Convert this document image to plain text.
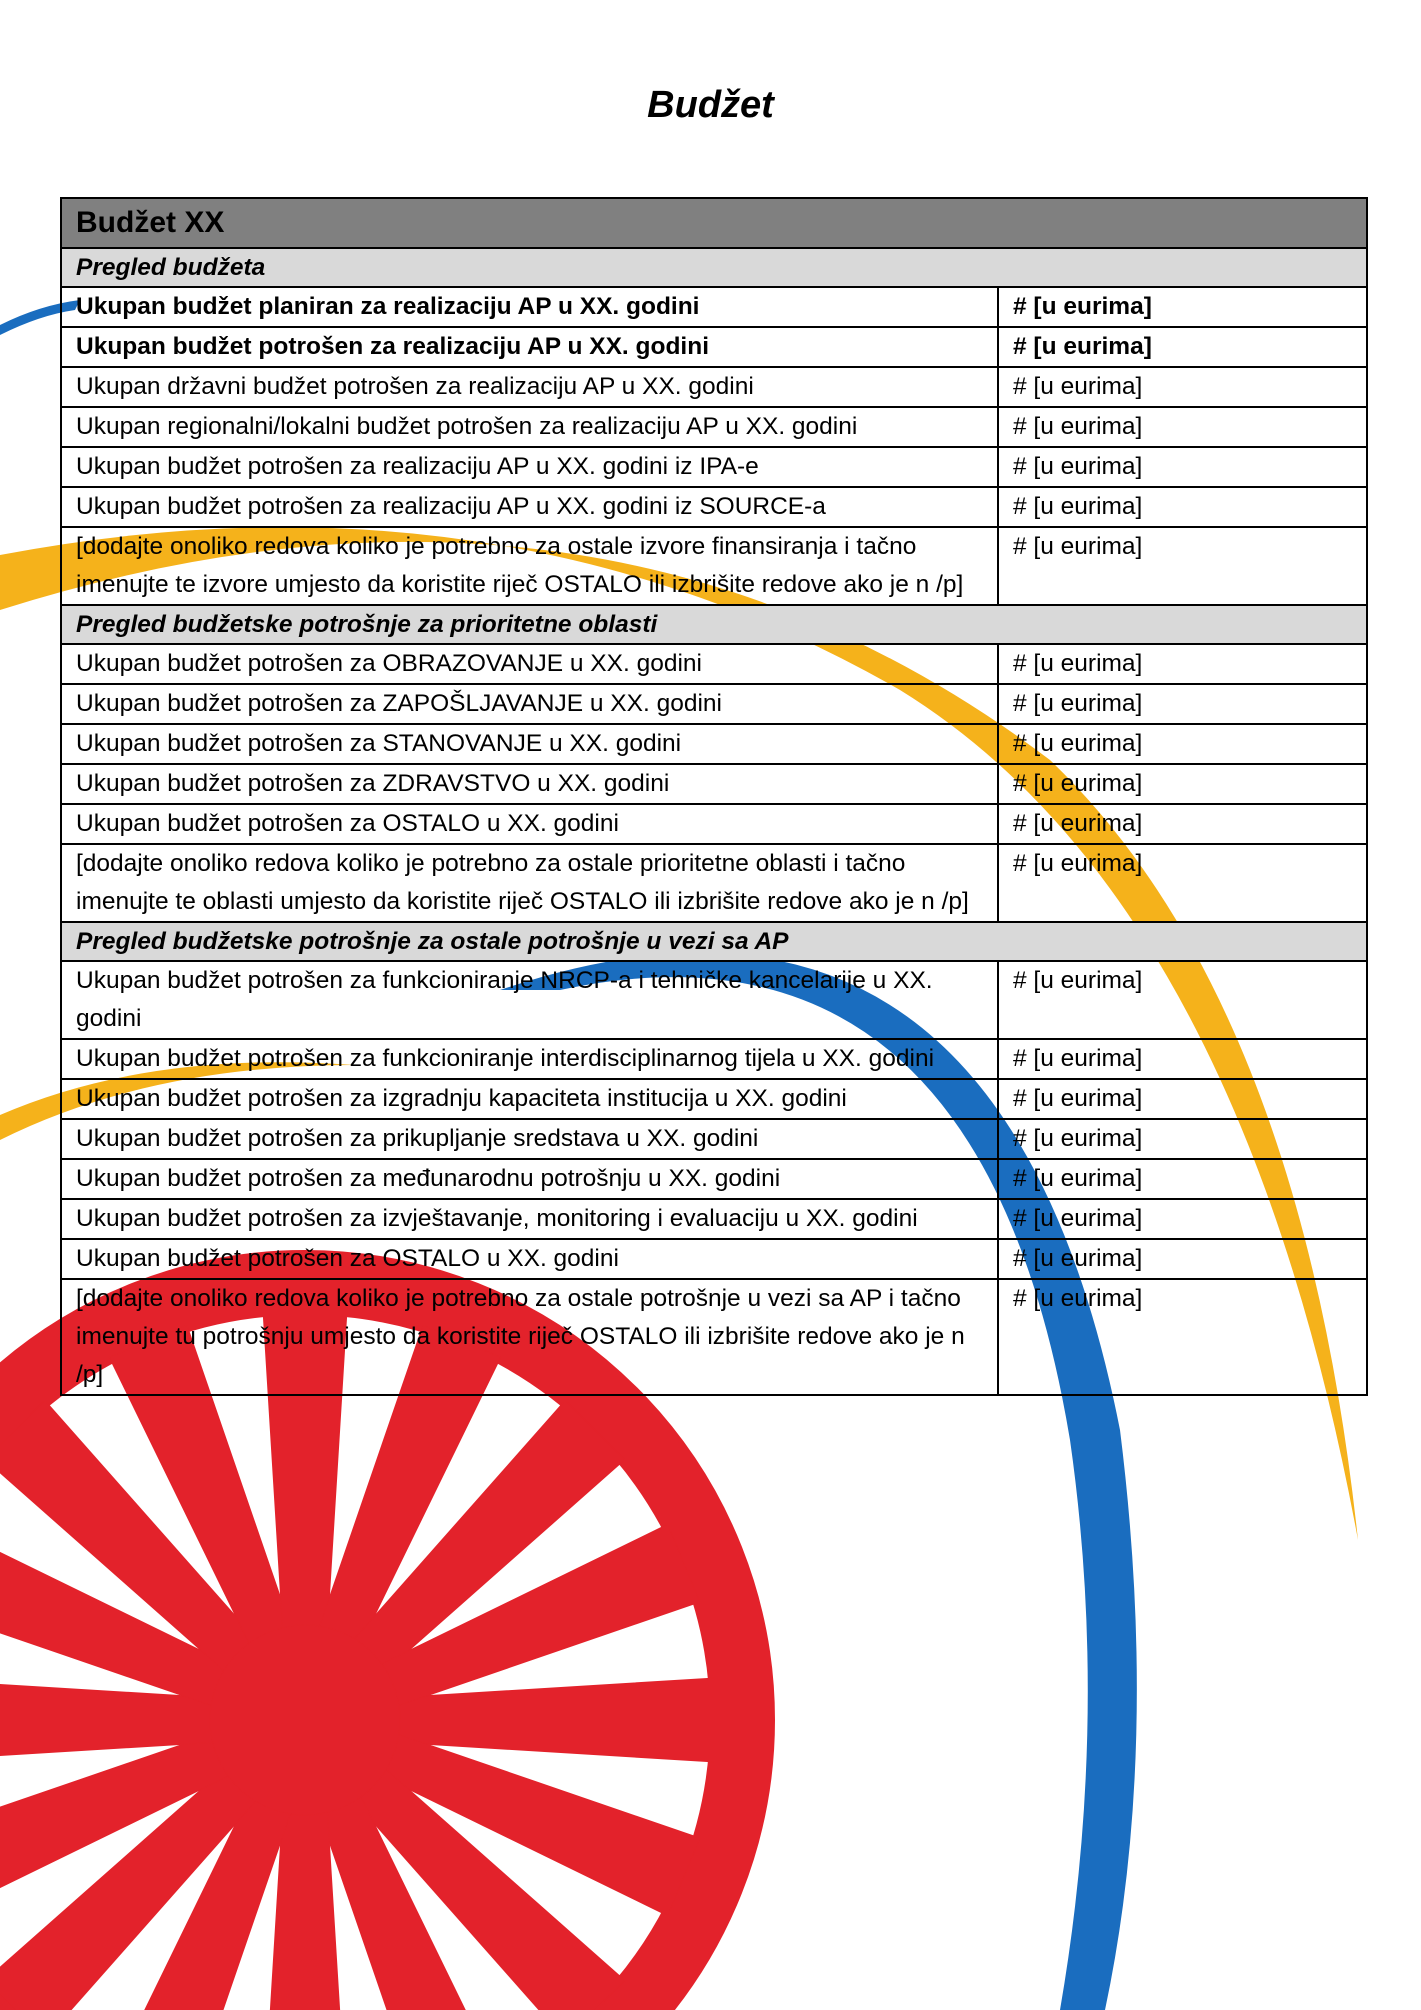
Budžet
Budžet XX	
Pregled budžeta	
Ukupan budžet planiran za realizaciju AP u XX. godini	# [u eurima]
Ukupan budžet potrošen za realizaciju AP u XX. godini	# [u eurima]
Ukupan državni budžet potrošen za realizaciju AP u XX. godini	# [u eurima]
Ukupan regionalni/lokalni budžet potrošen za realizaciju AP u XX. godini	# [u eurima]
Ukupan budžet potrošen za realizaciju AP u XX. godini iz IPA-e	# [u eurima]
Ukupan budžet potrošen za realizaciju AP u XX. godini iz SOURCE-a	# [u eurima]
[dodajte onoliko redova koliko je potrebno za ostale izvore finansiranja i tačno imenujte te izvore umjesto da koristite riječ OSTALO ili izbrišite redove ako je n /p]	# [u eurima]
Pregled budžetske potrošnje za prioritetne oblasti	
Ukupan budžet potrošen za OBRAZOVANJE u XX. godini	# [u eurima]
Ukupan budžet potrošen za ZAPOŠLJAVANJE u XX. godini	# [u eurima]
Ukupan budžet potrošen za STANOVANJE u XX. godini	# [u eurima]
Ukupan budžet potrošen za ZDRAVSTVO u XX. godini	# [u eurima]
Ukupan budžet potrošen za OSTALO u XX. godini	# [u eurima]
[dodajte onoliko redova koliko je potrebno za ostale prioritetne oblasti i tačno imenujte te oblasti umjesto da koristite riječ OSTALO ili izbrišite redove ako je n /p]	# [u eurima]
Pregled budžetske potrošnje za ostale potrošnje u vezi sa AP	
Ukupan budžet potrošen za funkcioniranje NRCP-a i tehničke kancelarije u XX. godini	# [u eurima]
Ukupan budžet potrošen za funkcioniranje interdisciplinarnog tijela u XX. godini	# [u eurima]
Ukupan budžet potrošen za izgradnju kapaciteta institucija u XX. godini	# [u eurima]
Ukupan budžet potrošen za prikupljanje sredstava u XX. godini	# [u eurima]
Ukupan budžet potrošen za međunarodnu potrošnju u XX. godini	# [u eurima]
Ukupan budžet potrošen za izvještavanje, monitoring i evaluaciju u XX. godini	# [u eurima]
Ukupan budžet potrošen za OSTALO u XX. godini	# [u eurima]
[dodajte onoliko redova koliko je potrebno za ostale potrošnje u vezi sa AP i tačno imenujte tu potrošnju umjesto da koristite riječ OSTALO ili izbrišite redove ako je n /p]	# [u eurima]
